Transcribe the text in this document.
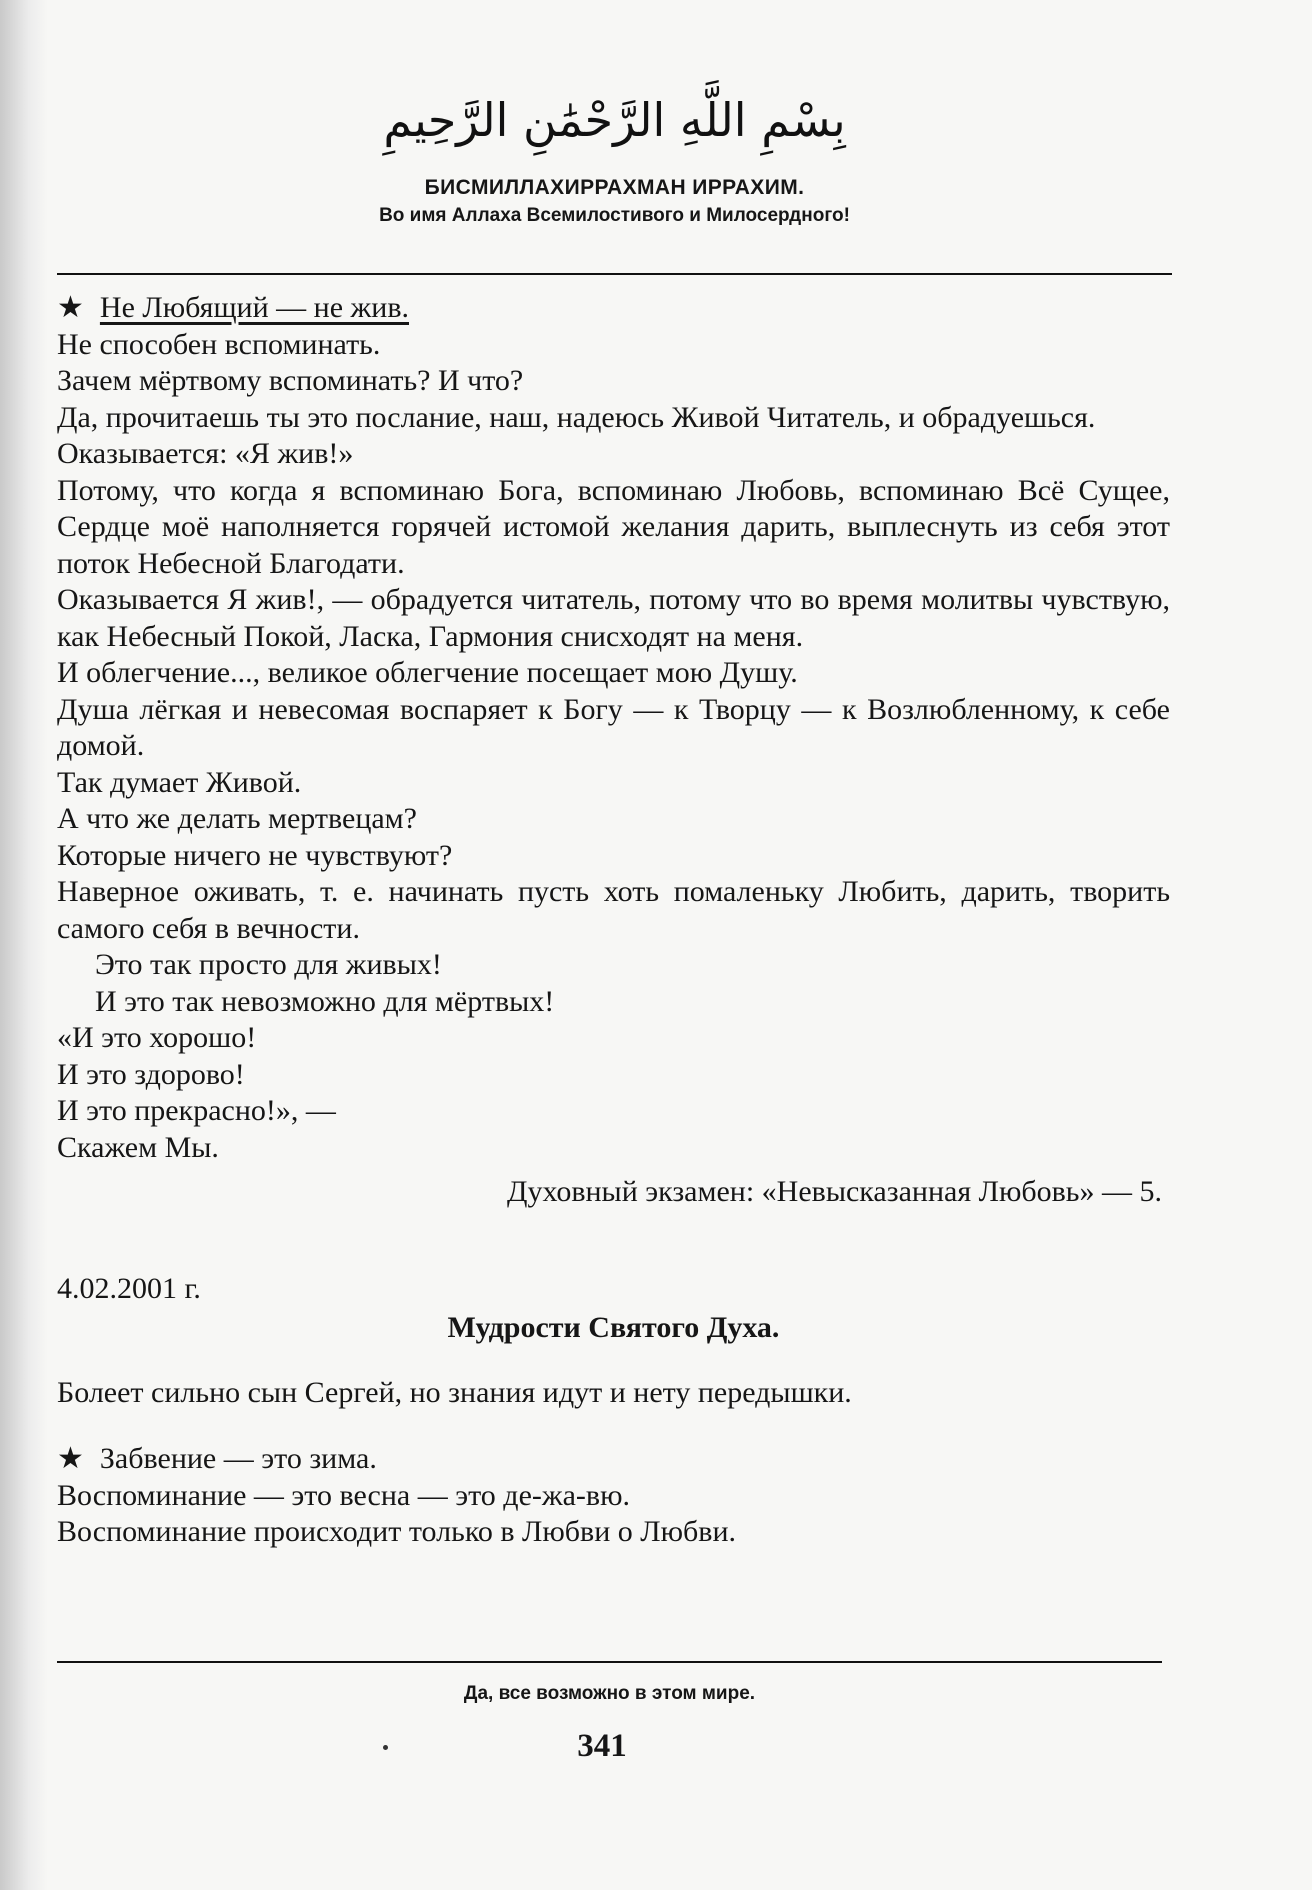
بِسْمِ اللَّهِ الرَّحْمَٰنِ الرَّحِيمِ
БИСМИЛЛАХИРРАХМАН ИРРАХИМ.
Во имя Аллаха Всемилостивого и Милосердного!

★ Не Любящий — не жив.

Не способен вспоминать.

Зачем мёртвому вспоминать? И что?

Да, прочитаешь ты это послание, наш, надеюсь Живой Читатель, и обрадуешься.

Оказывается: «Я жив!»

Потому, что когда я вспоминаю Бога, вспоминаю Любовь, вспоминаю Всё Сущее, Сердце моё наполняется горячей истомой желания дарить, выплеснуть из себя этот поток Небесной Благодати.

Оказывается Я жив!, — обрадуется читатель, потому что во время молитвы чувствую, как Небесный Покой, Ласка, Гармония снисходят на меня.

И облегчение..., великое облегчение посещает мою Душу.

Душа лёгкая и невесомая воспаряет к Богу — к Творцу — к Возлюбленному, к себе домой.

Так думает Живой.

А что же делать мертвецам?

Которые ничего не чувствуют?

Наверное оживать, т. е. начинать пусть хоть помаленьку Любить, дарить, творить самого себя в вечности.

Это так просто для живых!

И это так невозможно для мёртвых!

«И это хорошо!

И это здорово!

И это прекрасно!», —

Скажем Мы.

Духовный экзамен: «Невысказанная Любовь» — 5.

4.02.2001 г.

Мудрости Святого Духа.

Болеет сильно сын Сергей, но знания идут и нету передышки.

★ Забвение — это зима.

Воспоминание — это весна — это де-жа-вю.

Воспоминание происходит только в Любви о Любви.

Да, все возможно в этом мире.
341
